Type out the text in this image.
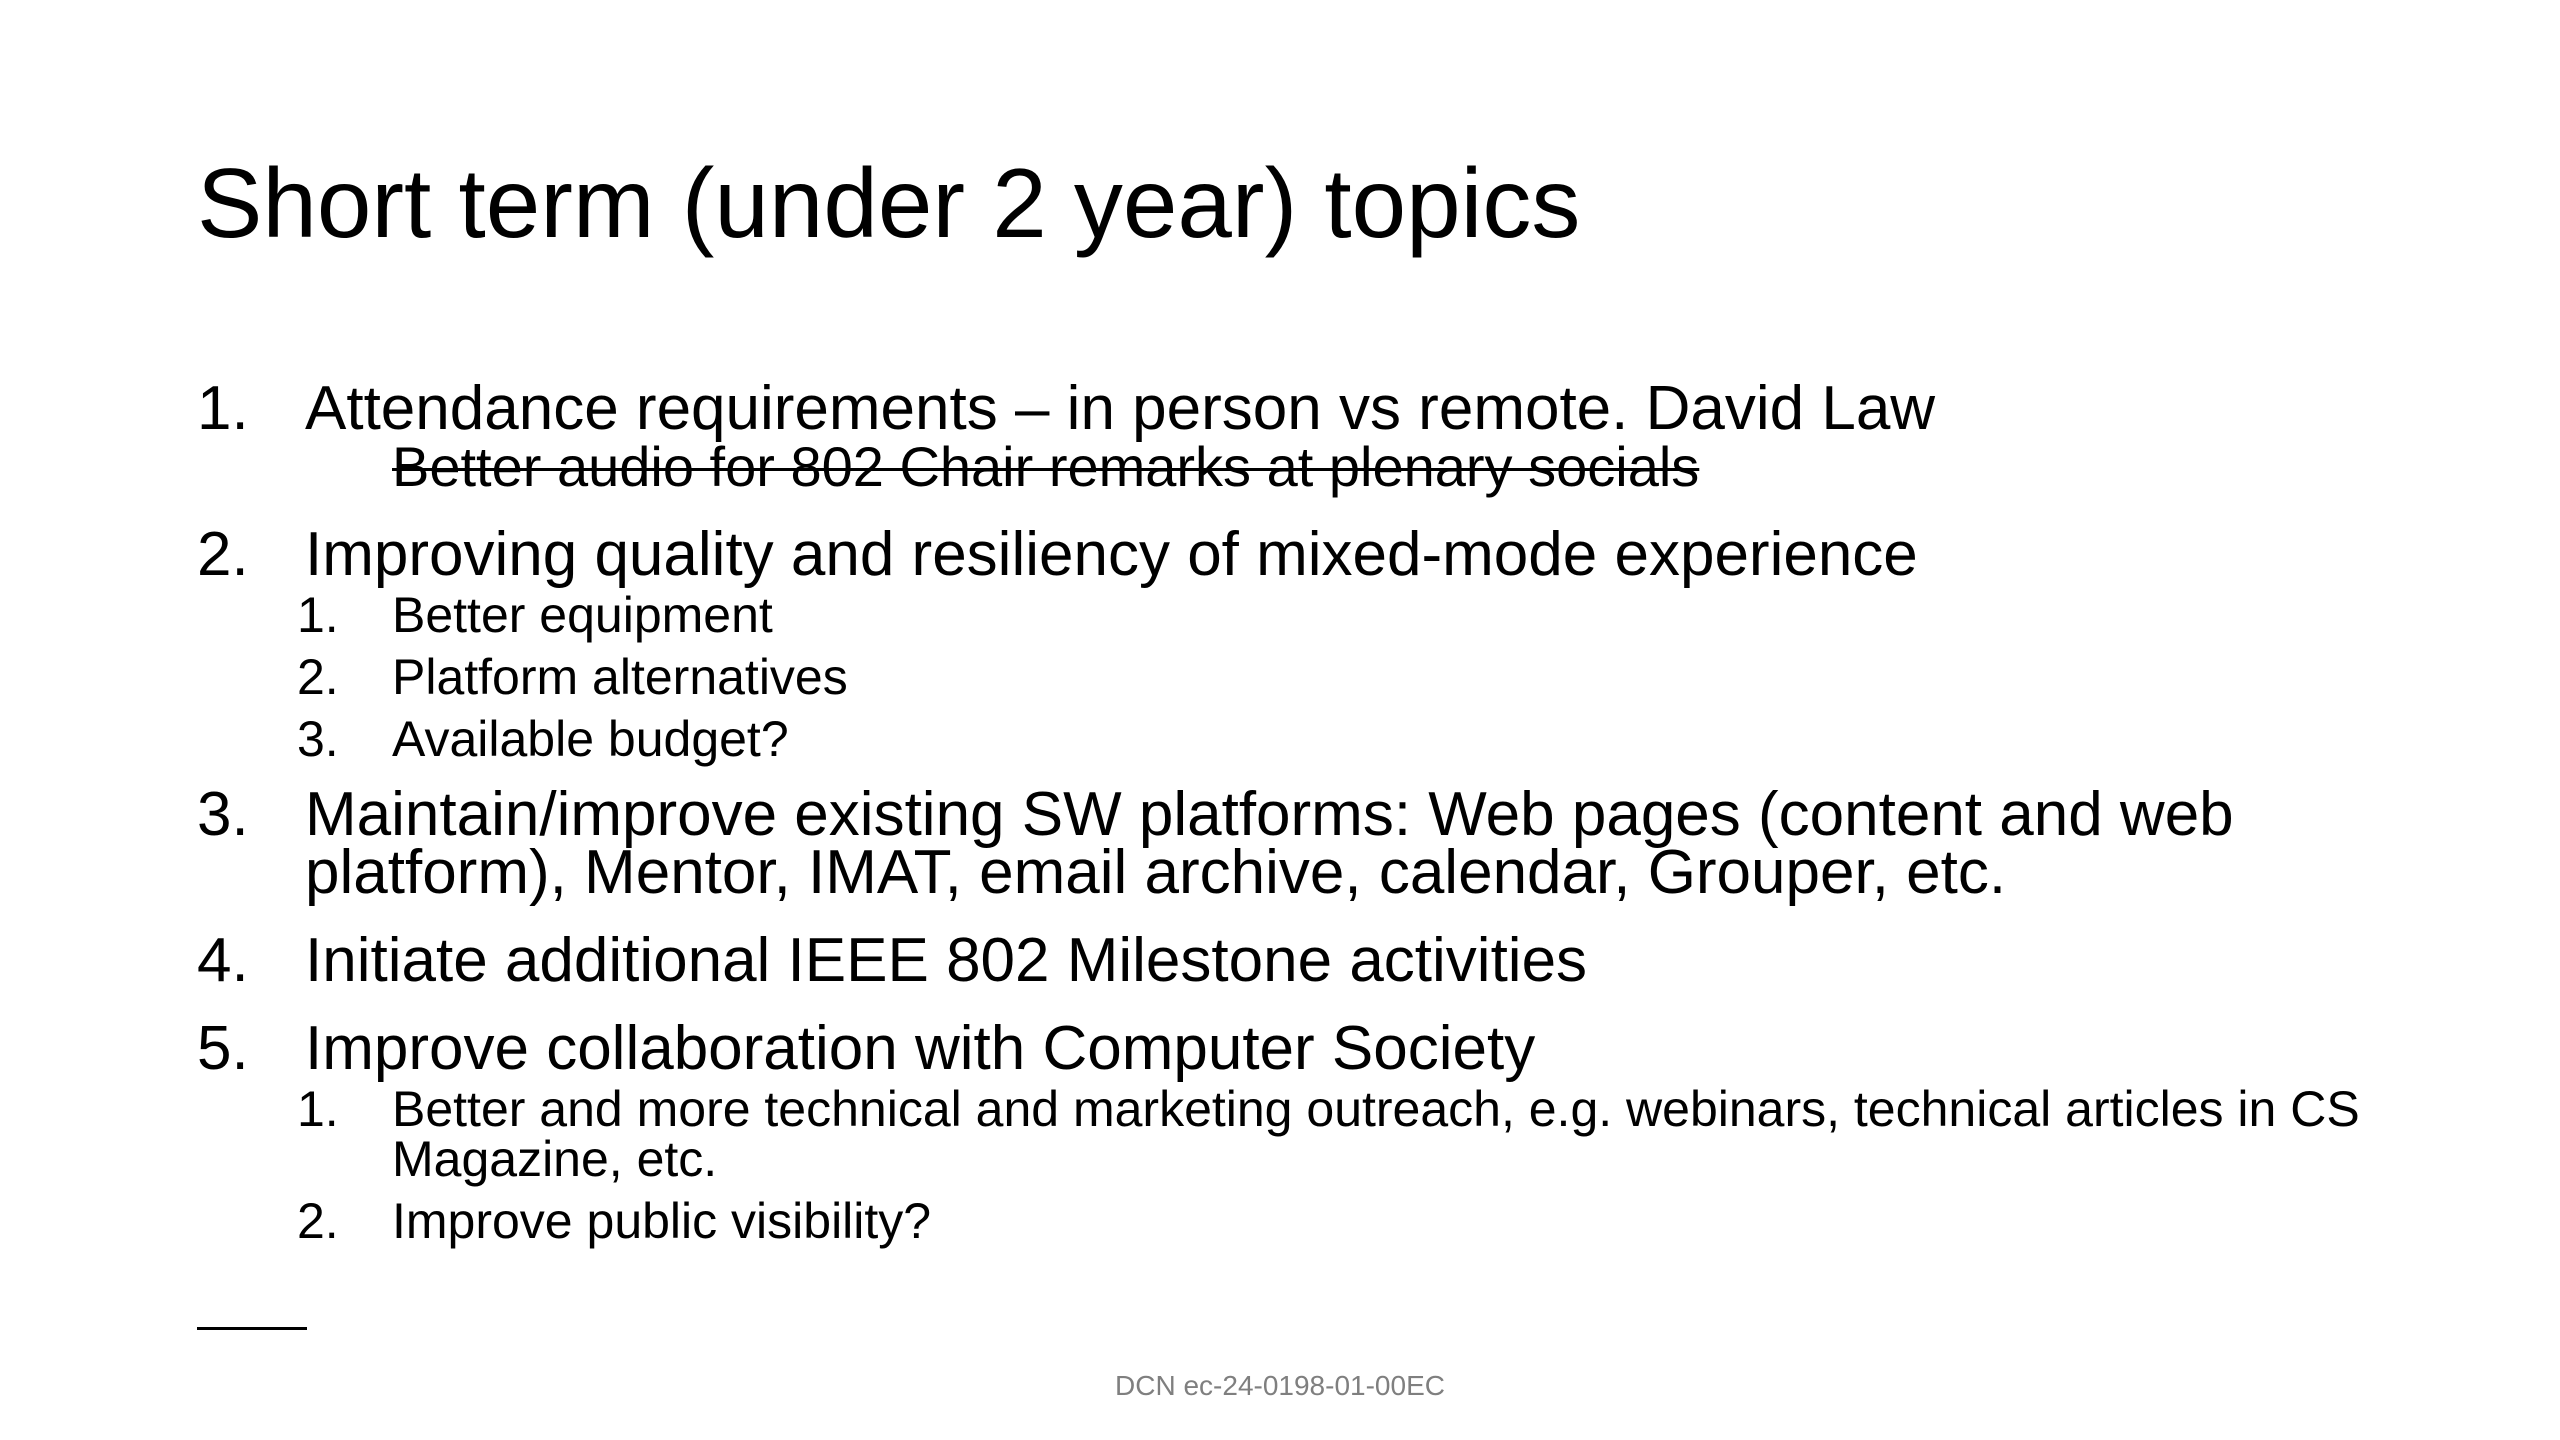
Short term (under 2 year) topics
1. Attendance requirements – in person vs remote. David Law
Better audio for 802 Chair remarks at plenary socials
2. Improving quality and resiliency of mixed-mode experience
1. Better equipment
2. Platform alternatives
3. Available budget?
3. Maintain/improve existing SW platforms: Web pages (content and web platform), Mentor, IMAT, email archive, calendar, Grouper, etc.
4. Initiate additional IEEE 802 Milestone activities
5. Improve collaboration with Computer Society
1. Better and more technical and marketing outreach, e.g. webinars, technical articles in CS Magazine, etc.
2. Improve public visibility?
DCN ec-24-0198-01-00EC
